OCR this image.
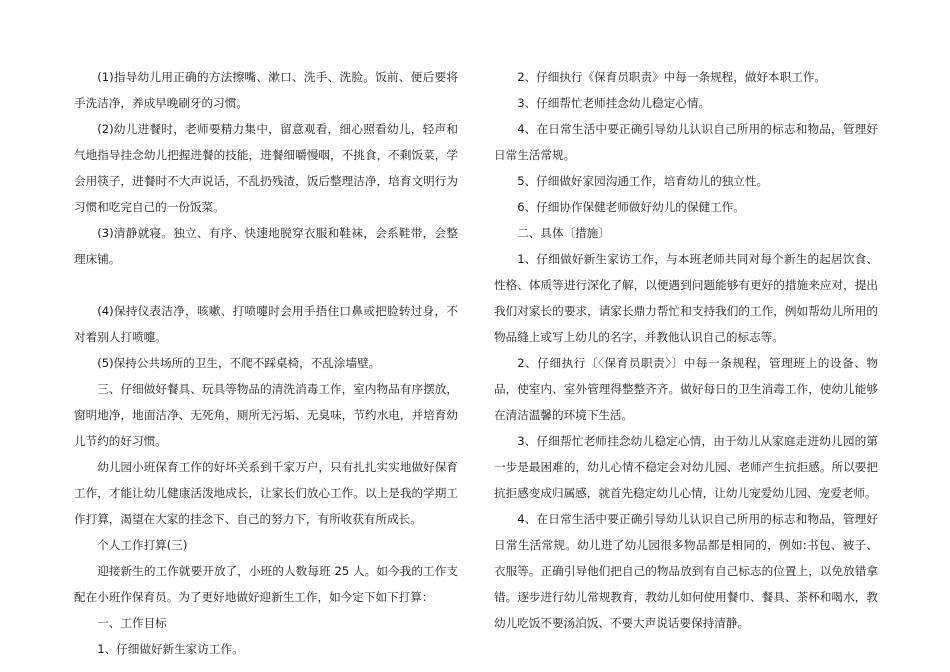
(1)指导幼儿用正确的方法擦嘴、漱口、洗手、洗脸。饭前、便后要将手洗洁净，养成早晚刷牙的习惯。

(2)幼儿进餐时，老师要精力集中，留意观看，细心照看幼儿，轻声和气地指导挂念幼儿把握进餐的技能，进餐细嚼慢咽，不挑食，不剩饭菜，学会用筷子，进餐时不大声说话，不乱扔残渣，饭后整理洁净，培育文明行为习惯和吃完自己的一份饭菜。

(3)清静就寝。独立、有序、快速地脱穿衣服和鞋袜，会系鞋带，会整理床铺。

(4)保持仪表洁净，咳嗽、打喷嚏时会用手捂住口鼻或把脸转过身，不对着别人打喷嚏。

(5)保持公共场所的卫生，不爬不踩桌椅，不乱涂墙壁。

三、仔细做好餐具、玩具等物品的清洗消毒工作，室内物品有序摆放，窗明地净，地面洁净、无死角，厕所无污垢、无臭味，节约水电，并培育幼儿节约的好习惯。

幼儿园小班保育工作的好坏关系到千家万户，只有扎扎实实地做好保育工作，才能让幼儿健康活泼地成长，让家长们放心工作。以上是我的学期工作打算，渴望在大家的挂念下、自己的努力下，有所收获有所成长。

个人工作打算(三)

迎接新生的工作就要开放了，小班的人数每班 25 人。如今我的工作支配在小班作保育员。为了更好地做好迎新生工作，如今定下如下打算：

一、工作目标

1、仔细做好新生家访工作。

2、仔细执行《保育员职责》中每一条规程，做好本职工作。

3、仔细帮忙老师挂念幼儿稳定心情。

4、在日常生活中要正确引导幼儿认识自己所用的标志和物品，管理好日常生活常规。

5、仔细做好家园沟通工作，培育幼儿的独立性。

6、仔细协作保健老师做好幼儿的保健工作。

二、具体〔措施〕

1、仔细做好新生家访工作，与本班老师共同对每个新生的起居饮食、性格、体质等进行深化了解，以便遇到问题能够有更好的措施来应对，提出我们对家长的要求，请家长鼎力帮忙和支持我们的工作，例如帮幼儿所用的物品缝上或写上幼儿的名字，并教他认识自己的标志等。

2、仔细执行〔〈保育员职责〉〕中每一条规程，管理班上的设备、物品，使室内、室外管理得整整齐齐。做好每日的卫生消毒工作，使幼儿能够在清洁温馨的环境下生活。

3、仔细帮忙老师挂念幼儿稳定心情，由于幼儿从家庭走进幼儿园的第一步是最困难的，幼儿心情不稳定会对幼儿园、老师产生抗拒感。所以要把抗拒感变成归属感，就首先稳定幼儿心情，让幼儿宠爱幼儿园、宠爱老师。

4、在日常生活中要正确引导幼儿认识自己所用的标志和物品，管理好日常生活常规。幼儿进了幼儿园很多物品都是相同的，例如:书包、被子、衣服等。正确引导他们把自己的物品放到有自己标志的位置上，以免放错拿错。逐步进行幼儿常规教育，教幼儿如何使用餐巾、餐具、茶杯和喝水，教幼儿吃饭不要汤泊饭、不要大声说话要保持清静。
